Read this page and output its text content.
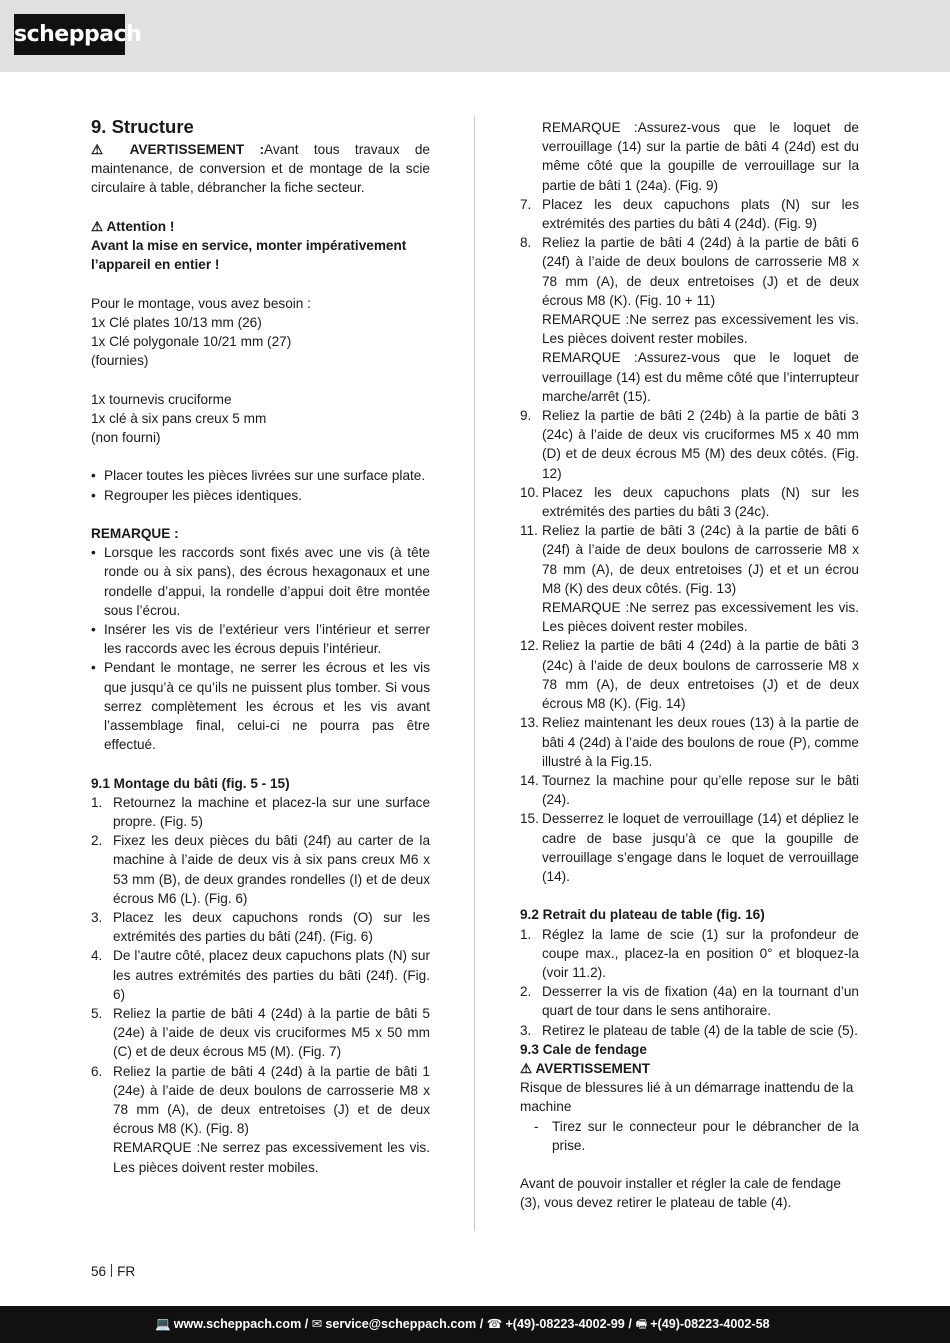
scheppach

9. Structure

⚠ AVERTISSEMENT :Avant tous travaux de maintenance, de conversion et de montage de la scie circulaire à table, débrancher la fiche secteur.

⚠ Attention !

Avant la mise en service, monter impérativement l’appareil en entier !

Pour le montage, vous avez besoin :

1x Clé plates 10/13 mm (26)

1x Clé polygonale 10/21 mm (27)

(fournies)

1x tournevis cruciforme

1x clé à six pans creux 5 mm

(non fourni)

• Placer toutes les pièces livrées sur une surface plate.

• Regrouper les pièces identiques.

REMARQUE :

• Lorsque les raccords sont fixés avec une vis (à tête ronde ou à six pans), des écrous hexagonaux et une rondelle d’appui, la rondelle d’appui doit être montée sous l’écrou.

• Insérer les vis de l’extérieur vers l’intérieur et serrer les raccords avec les écrous depuis l’intérieur.

• Pendant le montage, ne serrer les écrous et les vis que jusqu’à ce qu’ils ne puissent plus tomber. Si vous serrez complètement les écrous et les vis avant l’assemblage final, celui-ci ne pourra pas être effectué.

9.1 Montage du bâti (fig. 5 - 15)

1. Retournez la machine et placez-la sur une surface propre. (Fig. 5)

2. Fixez les deux pièces du bâti (24f) au carter de la machine à l’aide de deux vis à six pans creux M6 x 53 mm (B), de deux grandes rondelles (I) et de deux écrous M6 (L). (Fig. 6)

3. Placez les deux capuchons ronds (O) sur les extrémités des parties du bâti (24f). (Fig. 6)

4. De l’autre côté, placez deux capuchons plats (N) sur les autres extrémités des parties du bâti (24f). (Fig. 6)

5. Reliez la partie de bâti 4 (24d) à la partie de bâti 5 (24e) à l’aide de deux vis cruciformes M5 x 50 mm (C) et de deux écrous M5 (M). (Fig. 7)

6. Reliez la partie de bâti 4 (24d) à la partie de bâti 1 (24e) à l’aide de deux boulons de carrosserie M8 x 78 mm (A), de deux entretoises (J) et de deux écrous M8 (K). (Fig. 8)

REMARQUE :Ne serrez pas excessivement les vis. Les pièces doivent rester mobiles.

REMARQUE :Assurez-vous que le loquet de verrouillage (14) sur la partie de bâti 4 (24d) est du même côté que la goupille de verrouillage sur la partie de bâti 1 (24a). (Fig. 9)

7. Placez les deux capuchons plats (N) sur les extrémités des parties du bâti 4 (24d). (Fig. 9)

8. Reliez la partie de bâti 4 (24d) à la partie de bâti 6 (24f) à l’aide de deux boulons de carrosserie M8 x 78 mm (A), de deux entretoises (J) et de deux écrous M8 (K). (Fig. 10 + 11)

REMARQUE :Ne serrez pas excessivement les vis. Les pièces doivent rester mobiles.

REMARQUE :Assurez-vous que le loquet de verrouillage (14) est du même côté que l’interrupteur marche/arrêt (15).

9. Reliez la partie de bâti 2 (24b) à la partie de bâti 3 (24c) à l’aide de deux vis cruciformes M5 x 40 mm (D) et de deux écrous M5 (M) des deux côtés. (Fig. 12)

10. Placez les deux capuchons plats (N) sur les extrémités des parties du bâti 3 (24c).

11. Reliez la partie de bâti 3 (24c) à la partie de bâti 6 (24f) à l’aide de deux boulons de carrosserie M8 x 78 mm (A), de deux entretoises (J) et et un écrou M8 (K) des deux côtés. (Fig. 13)

REMARQUE :Ne serrez pas excessivement les vis. Les pièces doivent rester mobiles.

12. Reliez la partie de bâti 4 (24d) à la partie de bâti 3 (24c) à l’aide de deux boulons de carrosserie M8 x 78 mm (A), de deux entretoises (J) et de deux écrous M8 (K). (Fig. 14)

13. Reliez maintenant les deux roues (13) à la partie de bâti 4 (24d) à l’aide des boulons de roue (P), comme illustré à la Fig.15.

14. Tournez la machine pour qu’elle repose sur le bâti (24).

15. Desserrez le loquet de verrouillage (14) et dépliez le cadre de base jusqu’à ce que la goupille de verrouillage s’engage dans le loquet de verrouillage (14).

9.2 Retrait du plateau de table (fig. 16)

1. Réglez la lame de scie (1) sur la profondeur de coupe max., placez-la en position 0° et bloquez-la (voir 11.2).

2. Desserrer la vis de fixation (4a) en la tournant d’un quart de tour dans le sens antihoraire.

3. Retirez le plateau de table (4) de la table de scie (5).

9.3 Cale de fendage

⚠ AVERTISSEMENT

Risque de blessures lié à un démarrage inattendu de la machine

- Tirez sur le connecteur pour le débrancher de la prise.

Avant de pouvoir installer et régler la cale de fendage (3), vous devez retirer le plateau de table (4).

56 FR
💻 www.scheppach.com / ✉ service@scheppach.com / ☎ +(49)-08223-4002-99 / 🖷 +(49)-08223-4002-58
